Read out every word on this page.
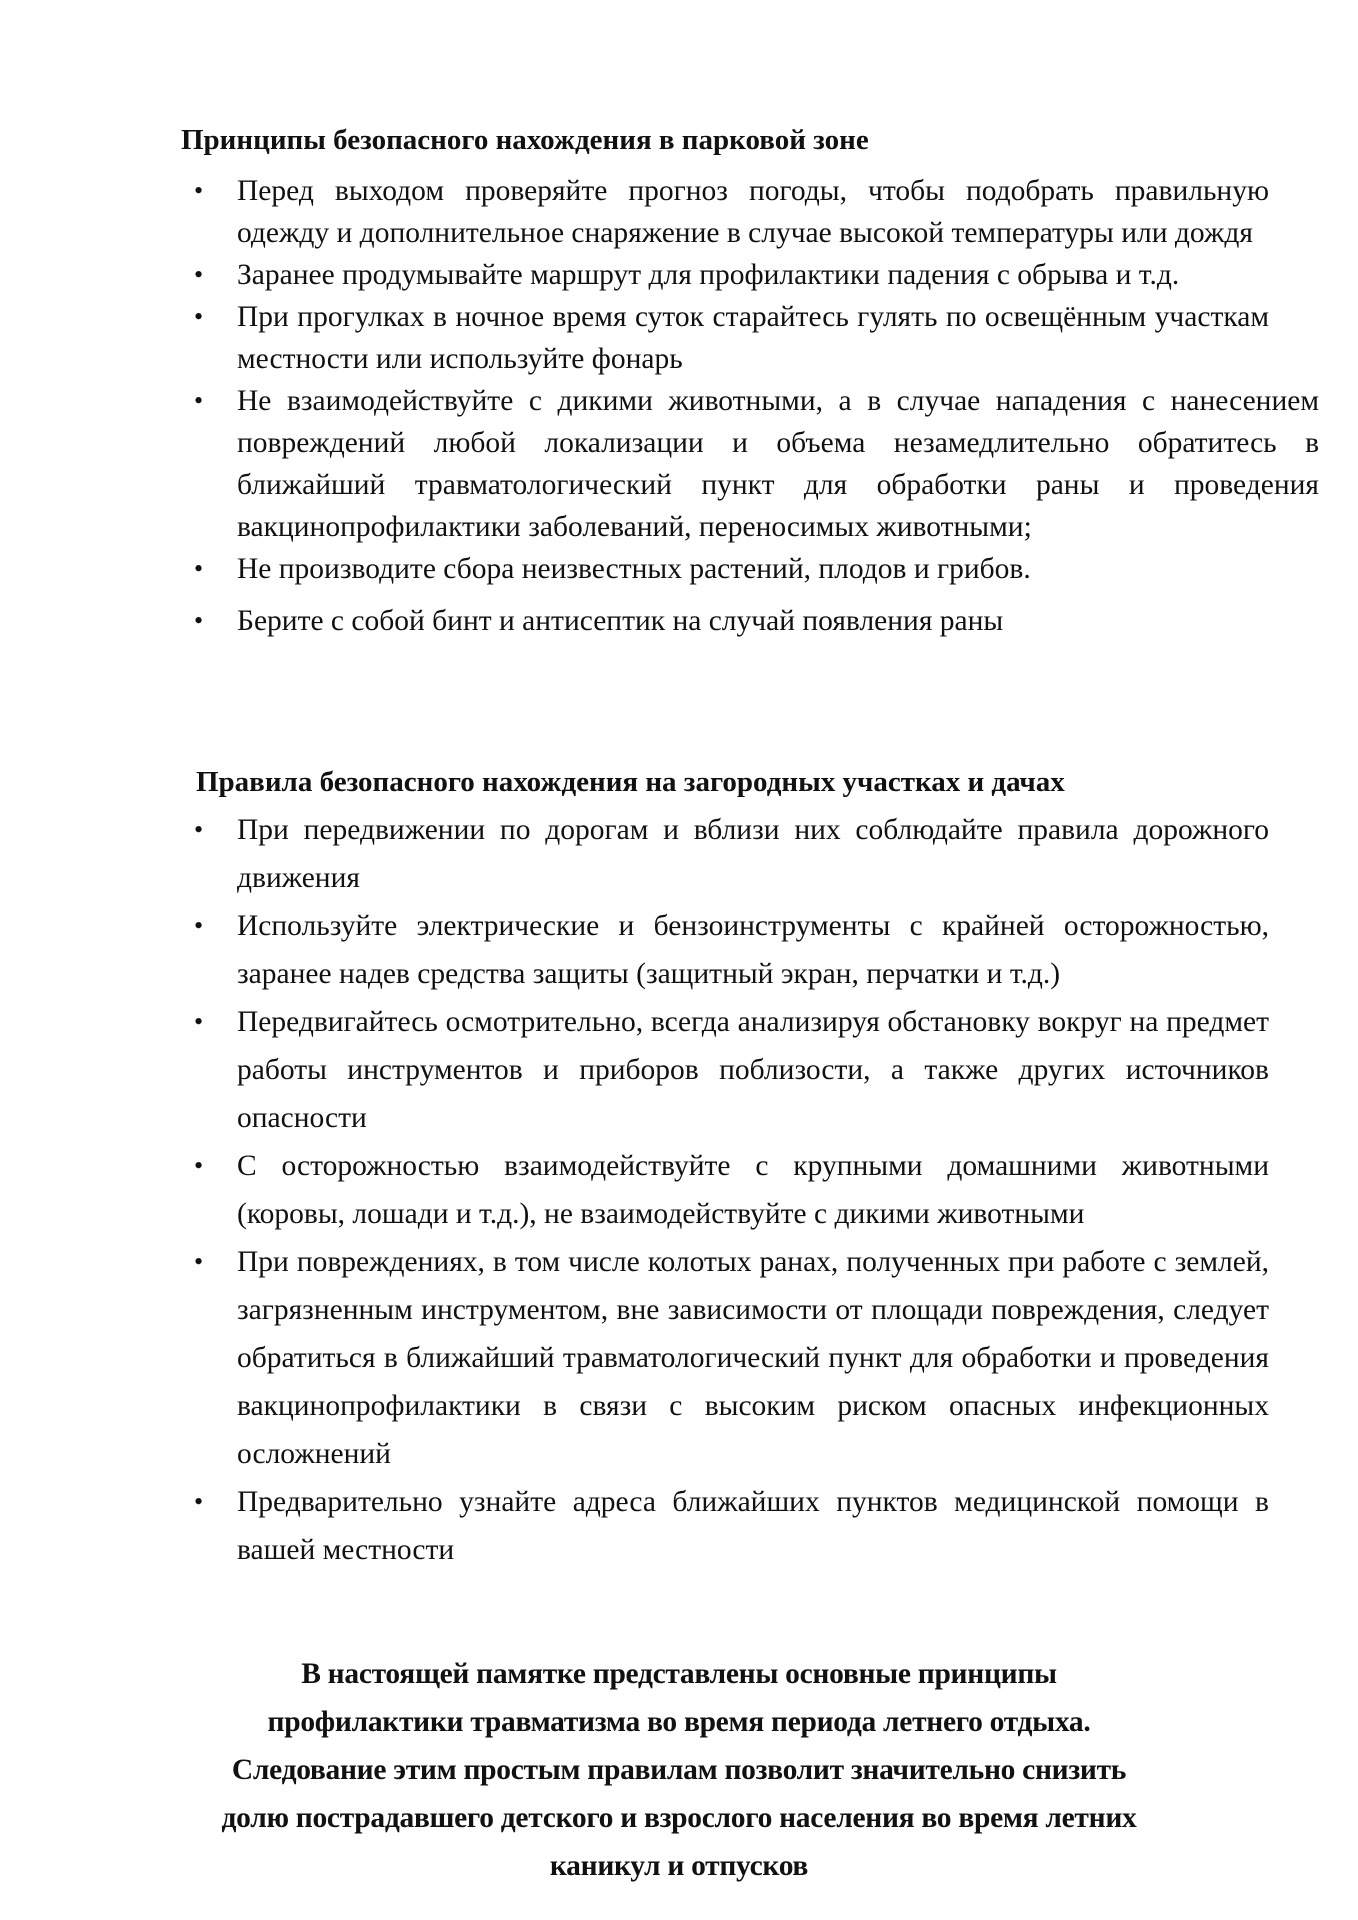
Принципы безопасного нахождения в парковой зоне
• Перед выходом проверяйте прогноз погоды, чтобы подобрать правильную одежду и дополнительное снаряжение в случае высокой температуры или дождя
• Заранее продумывайте маршрут для профилактики падения с обрыва и т.д.
• При прогулках в ночное время суток старайтесь гулять по освещённым участкам местности или используйте фонарь
• Не взаимодействуйте с дикими животными, а в случае нападения с нанесением повреждений любой локализации и объема незамедлительно обратитесь в ближайший травматологический пункт для обработки раны и проведения вакцинопрофилактики заболеваний, переносимых животными;
• Не производите сбора неизвестных растений, плодов и грибов.
• Берите с собой бинт и антисептик на случай появления раны
Правила безопасного нахождения на загородных участках и дачах
• При передвижении по дорогам и вблизи них соблюдайте правила дорожного движения
• Используйте электрические и бензоинструменты с крайней осторожностью, заранее надев средства защиты (защитный экран, перчатки и т.д.)
• Передвигайтесь осмотрительно, всегда анализируя обстановку вокруг на предмет работы инструментов и приборов поблизости, а также других источников опасности
• С осторожностью взаимодействуйте с крупными домашними животными (коровы, лошади и т.д.), не взаимодействуйте с дикими животными
• При повреждениях, в том числе колотых ранах, полученных при работе с землей, загрязненным инструментом, вне зависимости от площади повреждения, следует обратиться в ближайший травматологический пункт для обработки и проведения вакцинопрофилактики в связи с высоким риском опасных инфекционных осложнений
• Предварительно узнайте адреса ближайших пунктов медицинской помощи в вашей местности
В настоящей памятке представлены основные принципы
профилактики травматизма во время периода летнего отдыха.
Следование этим простым правилам позволит значительно снизить
долю пострадавшего детского и взрослого населения во время летних
каникул и отпусков
